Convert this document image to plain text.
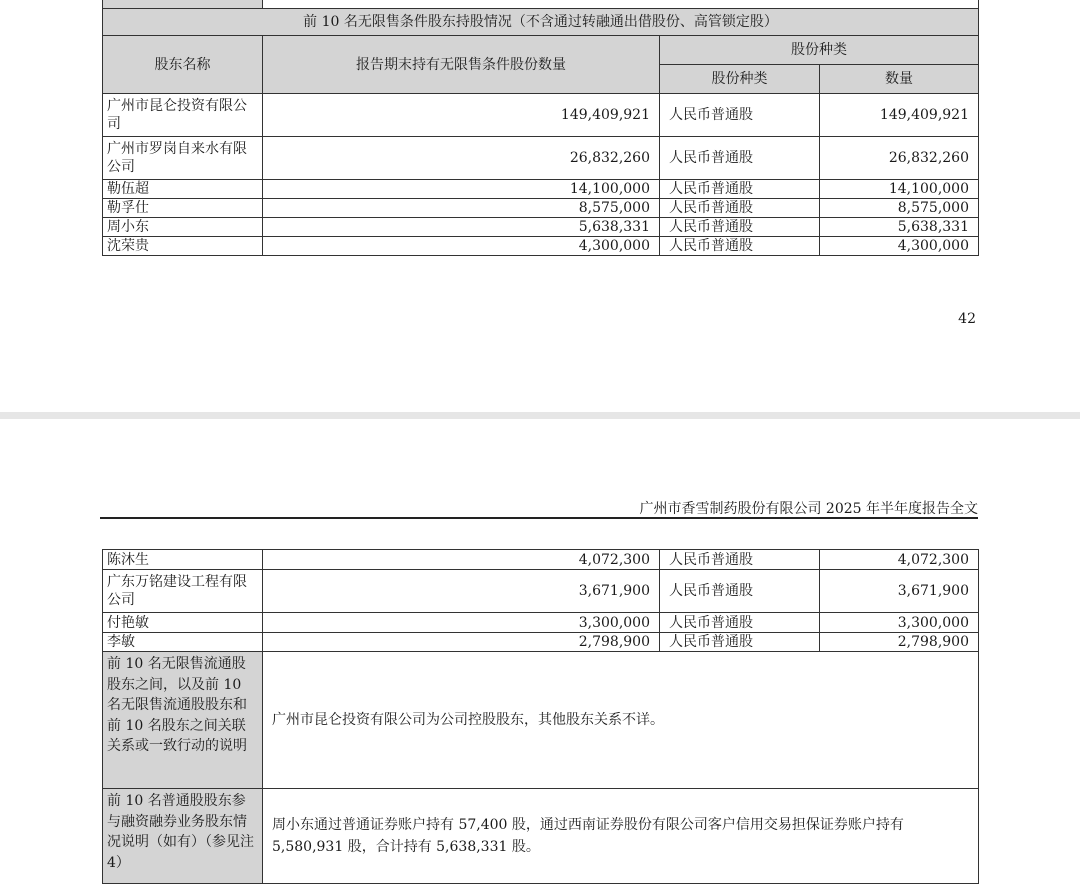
前 10 名无限售条件股东持股情况（不含通过转融通出借股份、高管锁定股）			
股东名称	报告期末持有无限售条件股份数量	股份种类	
		股份种类	数量
广州市昆仑投资有限公司	149,409,921	人民币普通股	149,409,921
广州市罗岗自来水有限公司	26,832,260	人民币普通股	26,832,260
勒伍超	14,100,000	人民币普通股	14,100,000
勒孚仕	8,575,000	人民币普通股	8,575,000
周小东	5,638,331	人民币普通股	5,638,331
沈荣贵	4,300,000	人民币普通股	4,300,000
42
广州市香雪制药股份有限公司 2025 年半年度报告全文
陈沐生	4,072,300	人民币普通股	4,072,300
广东万铭建设工程有限公司	3,671,900	人民币普通股	3,671,900
付艳敏	3,300,000	人民币普通股	3,300,000
李敏	2,798,900	人民币普通股	2,798,900
前 10 名无限售流通股股东之间，以及前 10 名无限售流通股股东和前 10 名股东之间关联关系或一致行动的说明	广州市昆仑投资有限公司为公司控股股东，其他股东关系不详。		
前 10 名普通股股东参与融资融券业务股东情况说明（如有）（参见注 4）	周小东通过普通证券账户持有 57,400 股，通过西南证券股份有限公司客户信用交易担保证券账户持有 5,580,931 股，合计持有 5,638,331 股。		
